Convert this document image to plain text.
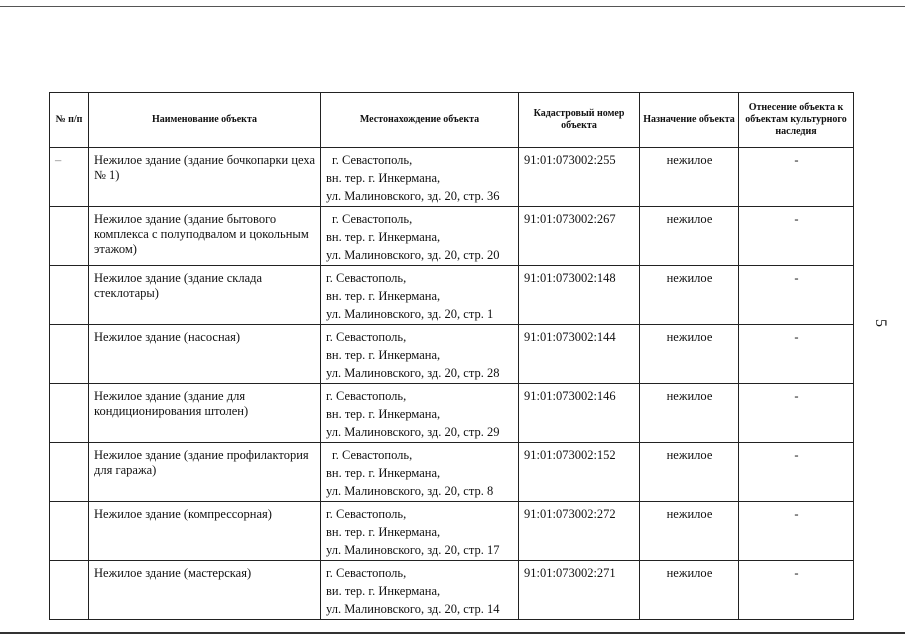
5
№ п/п	Наименование объекта	Местонахождение объекта	Кадастровый номер объекта	Назначение объекта	Отнесение объекта к объектам культурного наследия
–	Нежилое здание (здание бочкопарки цеха № 1)	г. Севастополь,
вн. тер. г. Инкермана,
ул. Малиновского, зд. 20, стр. 36	91:01:073002:255	нежилое	-
	Нежилое здание (здание бытового комплекса с полуподвалом и цокольным этажом)	г. Севастополь,
вн. тер. г. Инкермана,
ул. Малиновского, зд. 20, стр. 20	91:01:073002:267	нежилое	-
	Нежилое здание (здание склада стеклотары)	г. Севастополь,
вн. тер. г. Инкермана,
ул. Малиновского, зд. 20, стр. 1	91:01:073002:148	нежилое	-
	Нежилое здание (насосная)	г. Севастополь,
вн. тер. г. Инкермана,
ул. Малиновского, зд. 20, стр. 28	91:01:073002:144	нежилое	-
	Нежилое здание (здание для кондиционирования штолен)	г. Севастополь,
вн. тер. г. Инкермана,
ул. Малиновского, зд. 20, стр. 29	91:01:073002:146	нежилое	-
	Нежилое здание (здание профилактория для гаража)	г. Севастополь,
вн. тер. г. Инкермана,
ул. Малиновского, зд. 20, стр. 8	91:01:073002:152	нежилое	-
	Нежилое здание (компрессорная)	г. Севастополь,
вн. тер. г. Инкермана,
ул. Малиновского, зд. 20, стр. 17	91:01:073002:272	нежилое	-
	Нежилое здание (мастерская)	г. Севастополь,
ви. тер. г. Инкермана,
ул. Малиновского, зд. 20, стр. 14	91:01:073002:271	нежилое	-
